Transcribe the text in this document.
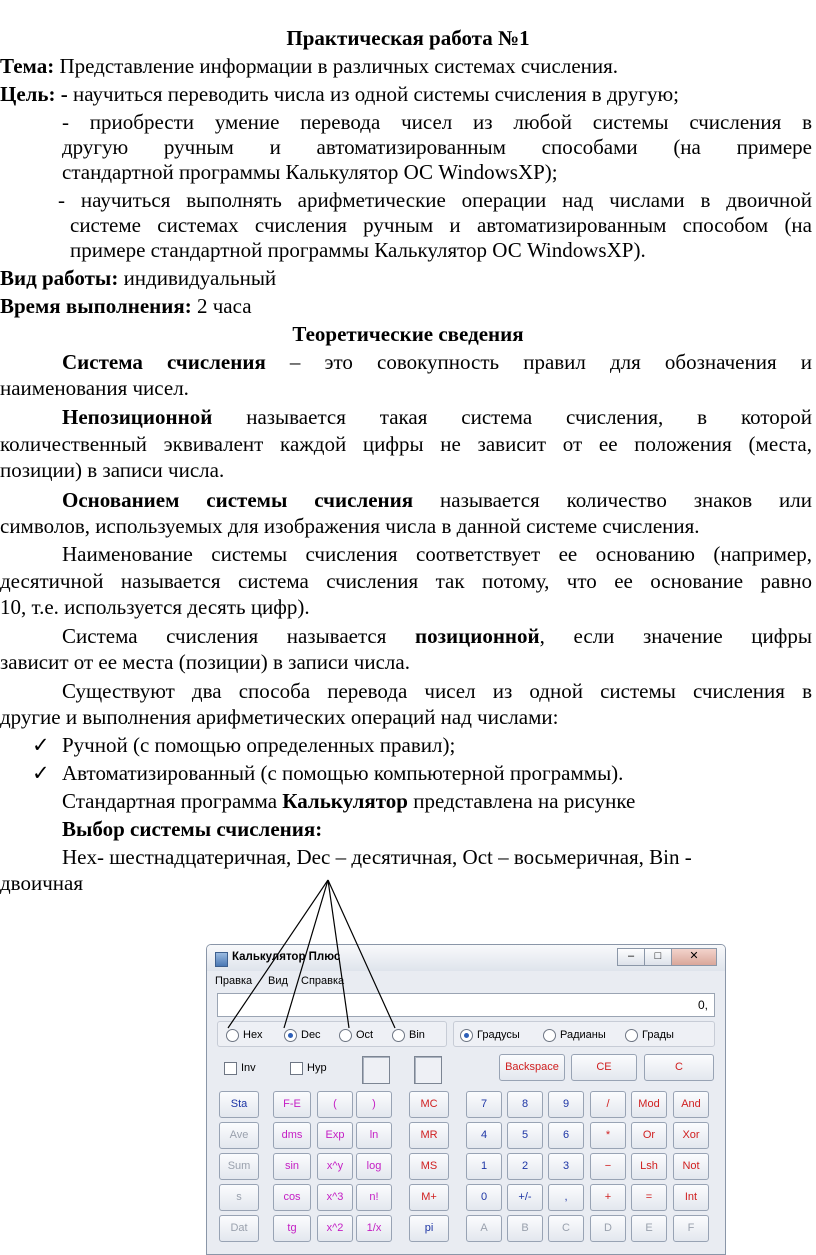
Практическая работа №1
Тема: Представление информации в различных системах счисления.
Цель: - научиться переводить числа из одной системы счисления в другую;
- приобрести умение перевода чисел из любой системы счисления в
другую ручным и автоматизированным способами (на примере
стандартной программы Калькулятор ОС WindowsXP);
- научиться выполнять арифметические операции над числами в двоичной
системе системах счисления ручным и автоматизированным способом (на
примере стандартной программы Калькулятор ОС WindowsXP).
Вид работы: индивидуальный
Время выполнения: 2 часа
Теоретические сведения
Система счисления – это совокупность правил для обозначения и
наименования чисел.
Непозиционной называется такая система счисления, в которой
количественный эквивалент каждой цифры не зависит от ее положения (места,
позиции) в записи числа.
Основанием системы счисления называется количество знаков или
символов, используемых для изображения числа в данной системе счисления.
Наименование системы счисления соответствует ее основанию (например,
десятичной называется система счисления так потому, что ее основание равно
10, т.е. используется десять цифр).
Система счисления называется позиционной, если значение цифры
зависит от ее места (позиции) в записи числа.
Существуют два способа перевода чисел из одной системы счисления в
другие и выполнения арифметических операций над числами:
✓ Ручной (с помощью определенных правил);
✓ Автоматизированный (с помощью компьютерной программы).
Стандартная программа Калькулятор представлена на рисунке
Выбор системы счисления:
Hex- шестнадцатеричная, Dec – десятичная, Oct – восьмеричная, Bin -
двоичная
Калькулятор Плюс	–	□	✕
Правка Вид Справка
0,
Hex	Dec	Oct	Bin	Градусы	Радианы	Грады
Inv	Hyp	Backspace	CE	C
Sta	F-E	(	)	MC	7	8	9	/	Mod	And
Ave	dms	Exp	ln	MR	4	5	6	*	Or	Xor
Sum	sin	x^y	log	MS	1	2	3	−	Lsh	Not
s	cos	x^3	n!	M+	0	+/-	,	+	=	Int
Dat	tg	x^2	1/x	pi	A	B	C	D	E	F
